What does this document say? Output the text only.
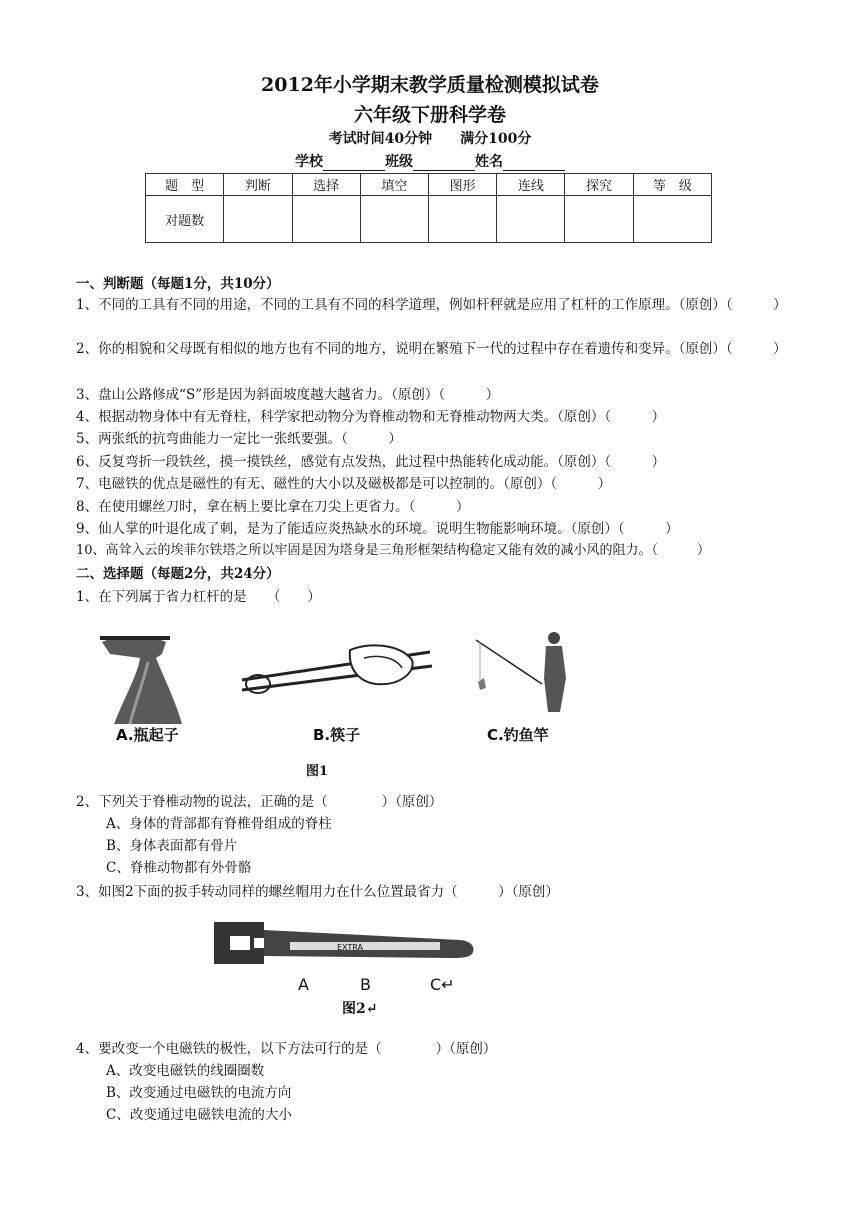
2012年小学期末教学质量检测模拟试卷
六年级下册科学卷
考试时间40分钟　　满分100分
学校	班级	姓名
题　型	判断	选择	填空	图形	连线	探究	等　级
对题数							
一、判断题（每题1分，共10分）
1、不同的工具有不同的用途，不同的工具有不同的科学道理，例如杆秤就是应用了杠杆的工作原理。（原创）（　　　）
2、你的相貌和父母既有相似的地方也有不同的地方，说明在繁殖下一代的过程中存在着遗传和变异。（原创）（　　　）
3、盘山公路修成“S”形是因为斜面坡度越大越省力。（原创）（　　　）
4、根据动物身体中有无脊柱，科学家把动物分为脊椎动物和无脊椎动物两大类。（原创）（　　　）
5、两张纸的抗弯曲能力一定比一张纸要强。（　　　）
6、反复弯折一段铁丝，摸一摸铁丝，感觉有点发热，此过程中热能转化成动能。（原创）（　　　）
7、电磁铁的优点是磁性的有无、磁性的大小以及磁极都是可以控制的。（原创）（　　　）
8、在使用螺丝刀时，拿在柄上要比拿在刀尖上更省力。（　　　）
9、仙人掌的叶退化成了刺，是为了能适应炎热缺水的环境。说明生物能影响环境。（原创）（　　　）
10、高耸入云的埃菲尔铁塔之所以牢固是因为塔身是三角形框架结构稳定又能有效的减小风的阻力。（　　　）
二、选择题（每题2分，共24分）
1、在下列属于省力杠杆的是　　（　　）
A.瓶起子	B.筷子	C.钓鱼竿
图1
2、下列关于脊椎动物的说法，正确的是（　　　　）（原创）
A、身体的背部都有脊椎骨组成的脊柱
B、身体表面都有骨片
C、脊椎动物都有外骨骼
3、如图2下面的扳手转动同样的螺丝帽用力在什么位置最省力（　　　）（原创）
EXTRA
A	B	C↵
图2↵
4、要改变一个电磁铁的极性，以下方法可行的是（　　　　）（原创）
A、改变电磁铁的线圈圈数
B、改变通过电磁铁的电流方向
C、改变通过电磁铁电流的大小
